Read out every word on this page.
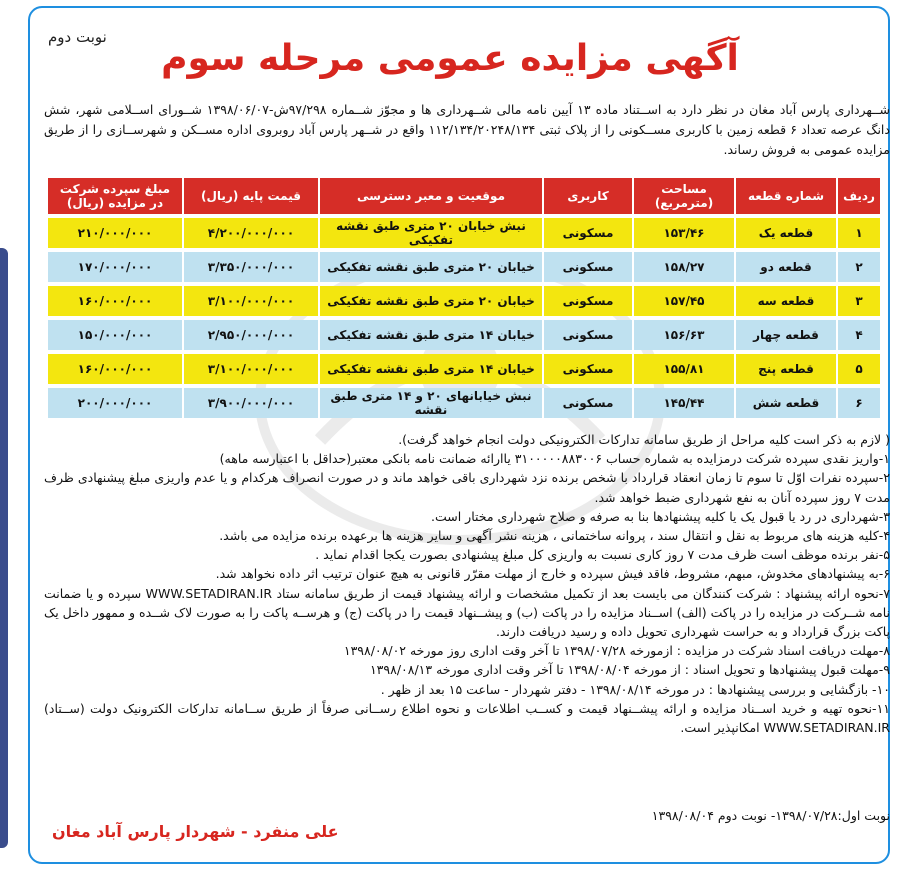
نوبت دوم
آگهی مزایده عمومی مرحله سوم
شــهرداری پارس آباد مغان در نظر دارد به اســتناد ماده ۱۳ آیین نامه مالی شــهرداری ها و مجوّز شــماره ۹۷/۲۹۸ش-۱۳۹۸/۰۶/۰۷ شــورای اســلامی شهر، شش دانگ عرصه تعداد ۶ قطعه زمین با کاربری مســکونی را از پلاک ثبتی ۱۱۲/۱۳۴/۲۰۲۴۸/۱۳۴ واقع در شــهر پارس آباد روبروی اداره مســکن و شهرســازی را از طریق مزایده عمومی به فروش رساند.
ردیف	شماره قطعه	مساحت (مترمربع)	کاربری	موقعیت و معبر دسترسی	قیمت پایه (ریال)	مبلغ سپرده شرکت در مزایده (ریال)
۱	قطعه یک	۱۵۳/۴۶	مسکونی	نبش خیابان ۲۰ متری طبق نقشه تفکیکی	۴/۲۰۰/۰۰۰/۰۰۰	۲۱۰/۰۰۰/۰۰۰
۲	قطعه دو	۱۵۸/۲۷	مسکونی	خیابان ۲۰ متری طبق نقشه تفکیکی	۳/۳۵۰/۰۰۰/۰۰۰	۱۷۰/۰۰۰/۰۰۰
۳	قطعه سه	۱۵۷/۴۵	مسکونی	خیابان ۲۰ متری طبق نقشه تفکیکی	۳/۱۰۰/۰۰۰/۰۰۰	۱۶۰/۰۰۰/۰۰۰
۴	قطعه چهار	۱۵۶/۶۳	مسکونی	خیابان ۱۴ متری طبق نقشه تفکیکی	۲/۹۵۰/۰۰۰/۰۰۰	۱۵۰/۰۰۰/۰۰۰
۵	قطعه پنج	۱۵۵/۸۱	مسکونی	خیابان ۱۴ متری طبق نقشه تفکیکی	۳/۱۰۰/۰۰۰/۰۰۰	۱۶۰/۰۰۰/۰۰۰
۶	قطعه شش	۱۴۵/۴۴	مسکونی	نبش خیابانهای ۲۰ و ۱۴ متری طبق نقشه	۳/۹۰۰/۰۰۰/۰۰۰	۲۰۰/۰۰۰/۰۰۰

( لازم به ذکر است کلیه مراحل از طریق سامانه تدارکات الکترونیکی دولت انجام خواهد گرفت).

۱-واریز نقدی سپرده شرکت درمزایده به شماره حساب ۳۱۰۰۰۰۰۸۸۳۰۰۶ یاارائه ضمانت نامه بانکی معتبر(حداقل با اعتبارسه ماهه)

۲-سپرده نفرات اوّل تا سوم تا زمان انعقاد قرارداد با شخص برنده نزد شهرداری باقی خواهد ماند و در صورت انصراف هرکدام و یا عدم واریزی مبلغ پیشنهادی ظرف مدت ۷ روز سپرده آنان به نفع شهرداری ضبط خواهد شد.

۳-شهرداری در رد یا قبول یک یا کلیه پیشنهادها بنا به صرفه و صلاح شهرداری مختار است.

۴-کلیه هزینه های مربوط به نقل و انتقال سند ، پروانه ساختمانی ، هزینه نشر آگهی و سایر هزینه ها برعهده برنده مزایده می باشد.

۵-نفر برنده موظف است ظرف مدت ۷ روز کاری نسبت به واریزی کل مبلغ پیشنهادی بصورت یکجا اقدام نماید .

۶-به پیشنهادهای مخدوش، مبهم، مشروط، فاقد فیش سپرده و خارج از مهلت مقرّر قانونی به هیچ عنوان ترتیب اثر داده نخواهد شد.

۷-نحوه ارائه پیشنهاد : شرکت کنندگان می بایست بعد از تکمیل مشخصات و ارائه پیشنهاد قیمت از طریق سامانه ستاد WWW.SETADIRAN.IR سپرده و یا ضمانت نامه شــرکت در مزایده را در پاکت (الف) اســناد مزایده را در پاکت (ب) و پیشــنهاد قیمت را در پاکت (ج) و هرســه پاکت را به صورت لاک شــده و ممهور داخل یک پاکت بزرگ قرارداد و به حراست شهرداری تحویل داده و رسید دریافت دارند.

۸-مهلت دریافت اسناد شرکت در مزایده : ازمورخه ۱۳۹۸/۰۷/۲۸ تا آخر وقت اداری روز مورخه ۱۳۹۸/۰۸/۰۲

۹-مهلت قبول پیشنهادها و تحویل اسناد : از مورخه ۱۳۹۸/۰۸/۰۴ تا آخر وقت اداری مورخه ۱۳۹۸/۰۸/۱۳

۱۰- بازگشایی و بررسی پیشنهادها : در مورخه ۱۳۹۸/۰۸/۱۴ - دفتر شهردار - ساعت ۱۵ بعد از ظهر .

۱۱-نحوه تهیه و خرید اســناد مزایده و ارائه پیشــنهاد قیمت و کســب اطلاعات و نحوه اطلاع رســانی صرفاً از طریق ســامانه تدارکات الکترونیک دولت (ســتاد) WWW.SETADIRAN.IR امکانپذیر است.

نوبت اول:۱۳۹۸/۰۷/۲۸- نوبت دوم ۱۳۹۸/۰۸/۰۴
علی منفرد - شهردار پارس آباد مغان
